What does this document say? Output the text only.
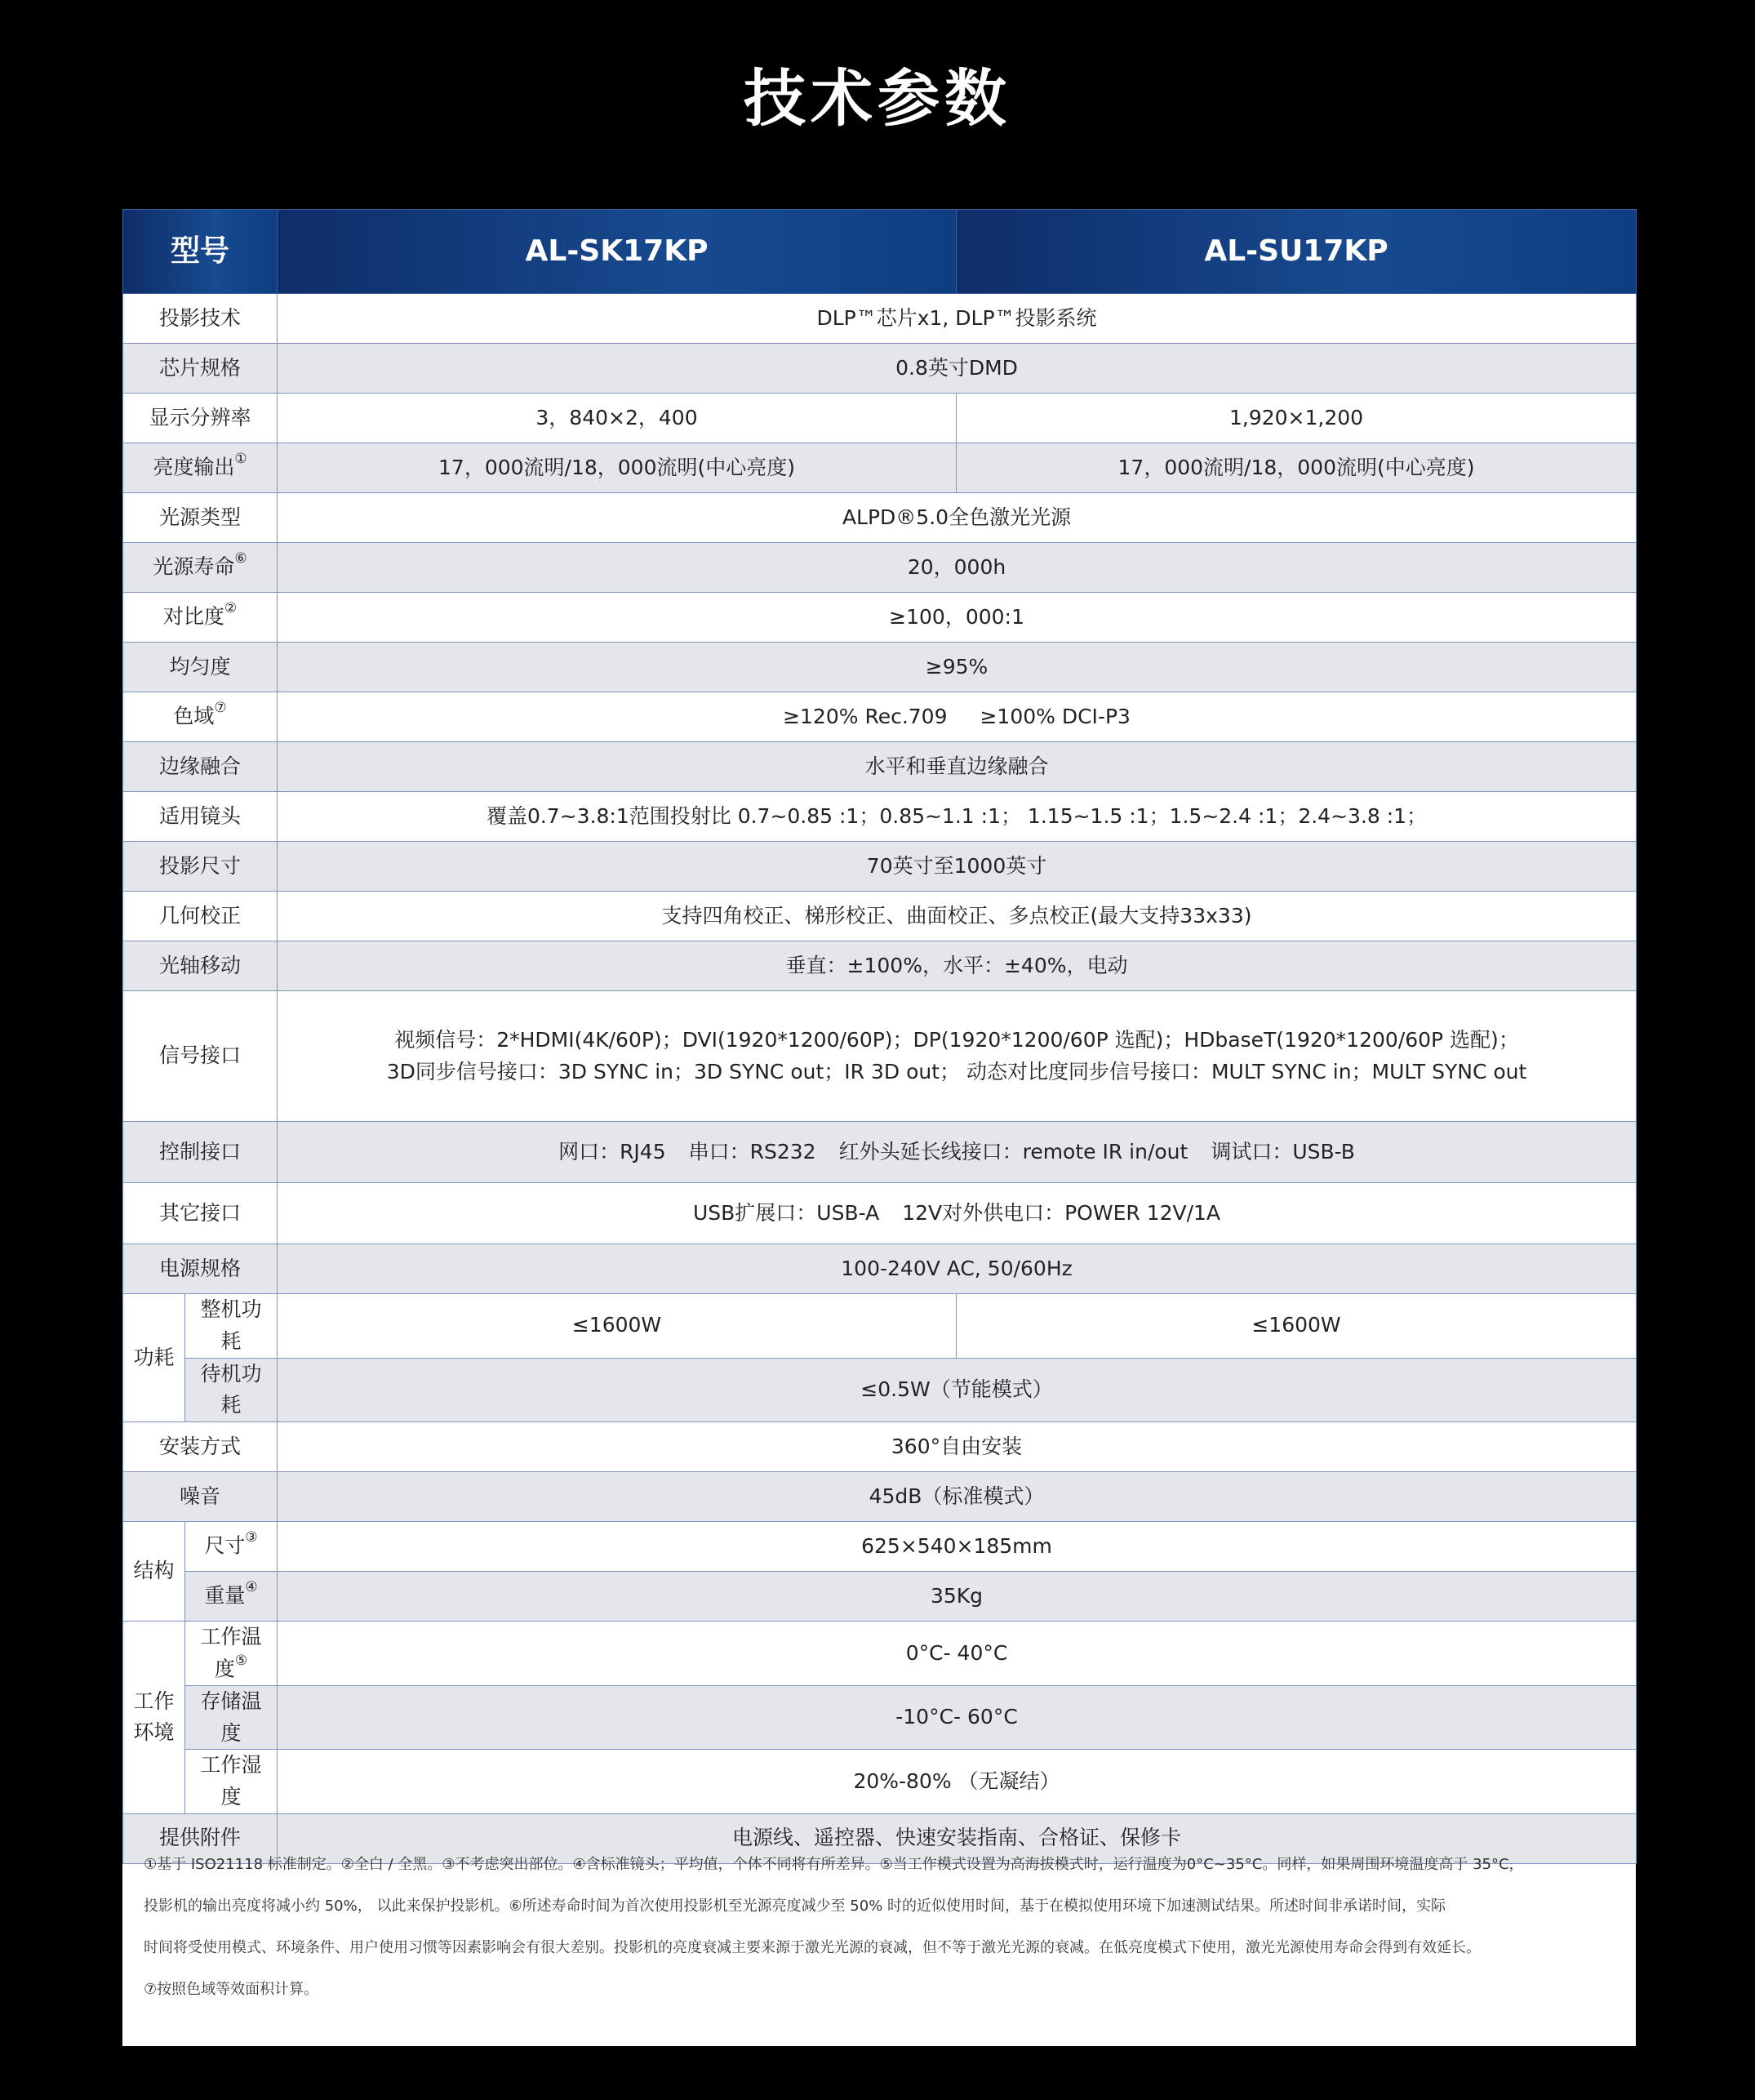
技术参数
型号		AL-SK17KP	AL-SU17KP
投影技术		DLP™芯片x1, DLP™投影系统	
芯片规格		0.8英寸DMD	
显示分辨率		3，840×2，400	1,920×1,200
亮度输出①		17，000流明/18，000流明(中心亮度)	17，000流明/18，000流明(中心亮度)
光源类型		ALPD®5.0全色激光光源	
光源寿命⑥		20，000h	
对比度②		≥100，000:1	
均匀度		≥95%	
色域⑦		≥120% Rec.709 ≥100% DCI-P3	
边缘融合		水平和垂直边缘融合	
适用镜头		覆盖0.7~3.8:1范围投射比 0.7~0.85 :1；0.85~1.1 :1； 1.15~1.5 :1；1.5~2.4 :1；2.4~3.8 :1；	
投影尺寸		70英寸至1000英寸	
几何校正		支持四角校正、梯形校正、曲面校正、多点校正(最大支持33x33)	
光轴移动		垂直：±100%，水平：±40%，电动	
信号接口		视频信号：2*HDMI(4K/60P)；DVI(1920*1200/60P)；DP(1920*1200/60P 选配)；HDbaseT(1920*1200/60P 选配)；
3D同步信号接口：3D SYNC in；3D SYNC out；IR 3D out； 动态对比度同步信号接口：MULT SYNC in；MULT SYNC out	

控制接口		网口：RJ45 串口：RS232 红外头延长线接口：remote IR in/out 调试口：USB-B	
其它接口		USB扩展口：USB-A 12V对外供电口：POWER 12V/1A	
电源规格		100-240V AC, 50/60Hz	
功耗	整机功耗	≤1600W	≤1600W
	待机功耗	≤0.5W（节能模式）	
安装方式		360°自由安装	
噪音		45dB（标准模式）	
结构	尺寸③	625×540×185mm	
	重量④	35Kg	

工作
环境	工作温度⑤	0°C- 40°C	
	存储温度	-10°C- 60°C	
	工作湿度	20%-80% （无凝结）	
提供附件		电源线、遥控器、快速安装指南、合格证、保修卡	

①基于 ISO21118 标准制定。②全白 / 全黑。③不考虑突出部位。④含标准镜头；平均值，个体不同将有所差异。⑤当工作模式设置为高海拔模式时，运行温度为0°C~35°C。同样，如果周围环境温度高于 35°C，

投影机的输出亮度将减小约 50%， 以此来保护投影机。⑥所述寿命时间为首次使用投影机至光源亮度减少至 50% 时的近似使用时间，基于在模拟使用环境下加速测试结果。所述时间非承诺时间，实际

时间将受使用模式、环境条件、用户使用习惯等因素影响会有很大差别。投影机的亮度衰减主要来源于激光光源的衰减，但不等于激光光源的衰减。在低亮度模式下使用，激光光源使用寿命会得到有效延长。

⑦按照色域等效面积计算。
